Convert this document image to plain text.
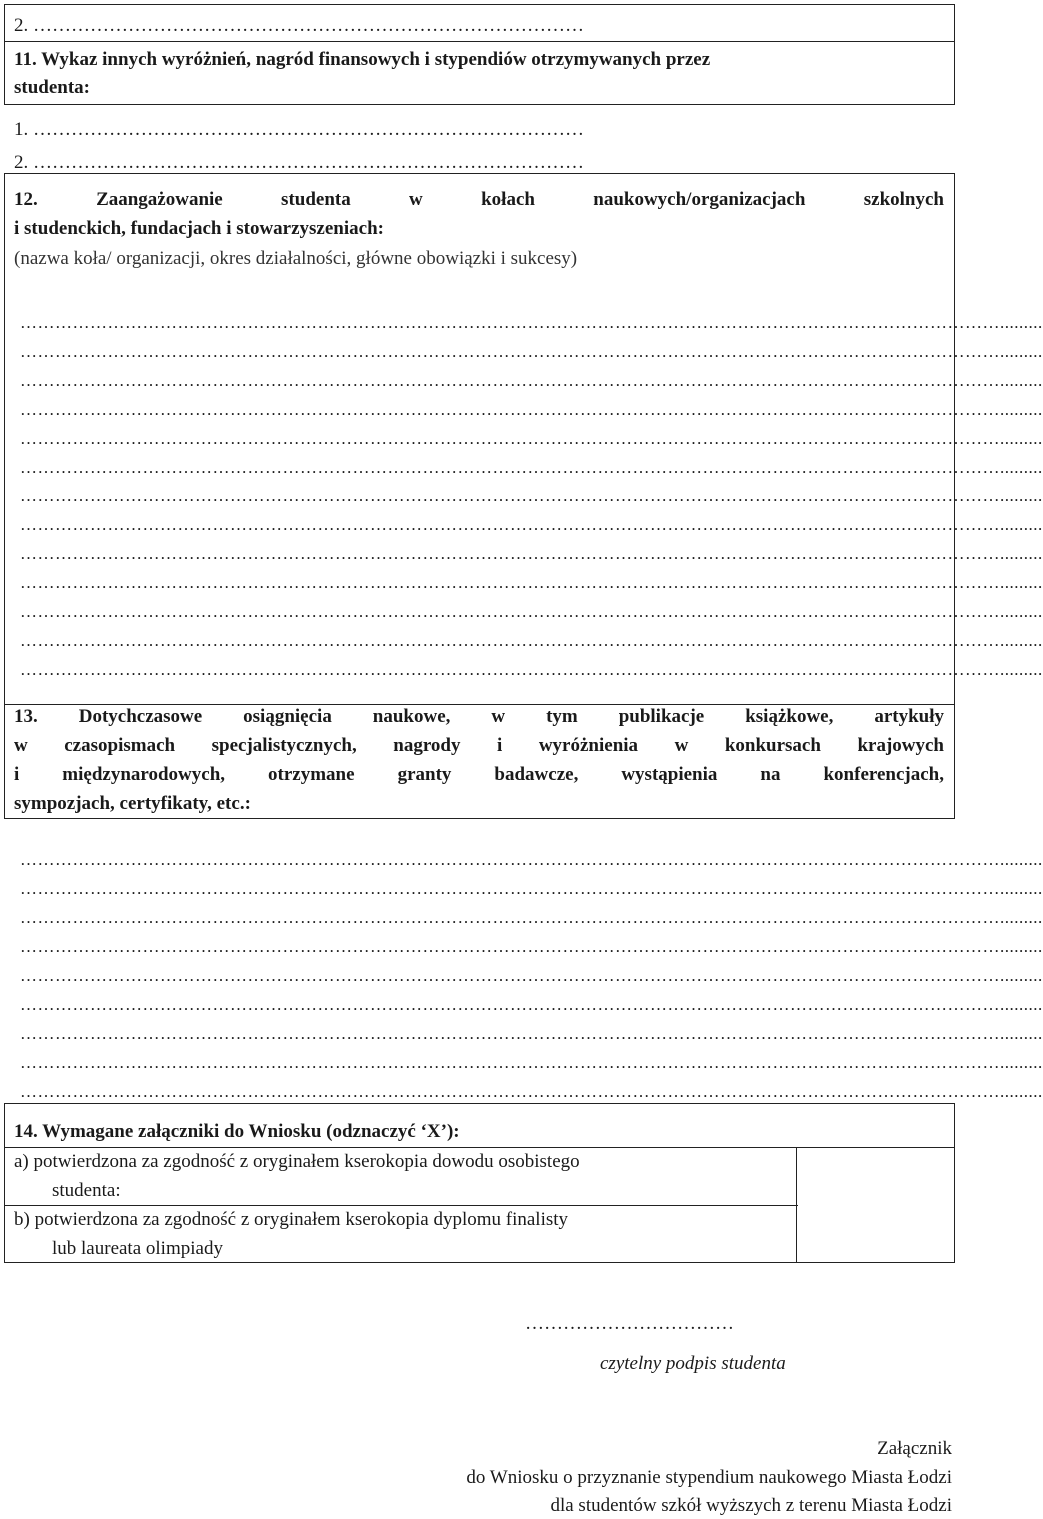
2. ……………………………………………………………………………
11. Wykaz innych wyróżnień, nagród finansowych i stypendiów otrzymywanych przez
studenta:
1. ……………………………………………………………………………
2. ……………………………………………………………………………
12. Zaangażowanie studenta w kołach naukowych/organizacjach szkolnych
i studenckich, fundacjach i stowarzyszeniach:
(nazwa koła/ organizacji, okres działalności, główne obowiązki i sukcesy)
…………………………………………………………………………………………………………………………………………………….........
…………………………………………………………………………………………………………………………………………………….........
…………………………………………………………………………………………………………………………………………………….........
…………………………………………………………………………………………………………………………………………………….........
…………………………………………………………………………………………………………………………………………………….........
…………………………………………………………………………………………………………………………………………………….........
…………………………………………………………………………………………………………………………………………………….........
…………………………………………………………………………………………………………………………………………………….........
…………………………………………………………………………………………………………………………………………………….........
…………………………………………………………………………………………………………………………………………………….........
…………………………………………………………………………………………………………………………………………………….........
…………………………………………………………………………………………………………………………………………………….........
…………………………………………………………………………………………………………………………………………………….........
13. Dotychczasowe osiągnięcia naukowe, w tym publikacje książkowe, artykuły
w czasopismach specjalistycznych, nagrody i wyróżnienia w konkursach krajowych
i międzynarodowych, otrzymane granty badawcze, wystąpienia na konferencjach,
sympozjach, certyfikaty, etc.:
…………………………………………………………………………………………………………………………………………………….........
…………………………………………………………………………………………………………………………………………………….........
…………………………………………………………………………………………………………………………………………………….........
…………………………………………………………………………………………………………………………………………………….........
…………………………………………………………………………………………………………………………………………………….........
…………………………………………………………………………………………………………………………………………………….........
…………………………………………………………………………………………………………………………………………………….........
…………………………………………………………………………………………………………………………………………………….........
…………………………………………………………………………………………………………………………………………………….........
14. Wymagane załączniki do Wniosku (odznaczyć ‘X’):
a) potwierdzona za zgodność z oryginałem kserokopia dowodu osobistego
studenta:
b) potwierdzona za zgodność z oryginałem kserokopia dyplomu finalisty
lub laureata olimpiady
……………………………
czytelny podpis studenta
Załącznik
do Wniosku o przyznanie stypendium naukowego Miasta Łodzi
dla studentów szkół wyższych z terenu Miasta Łodzi
